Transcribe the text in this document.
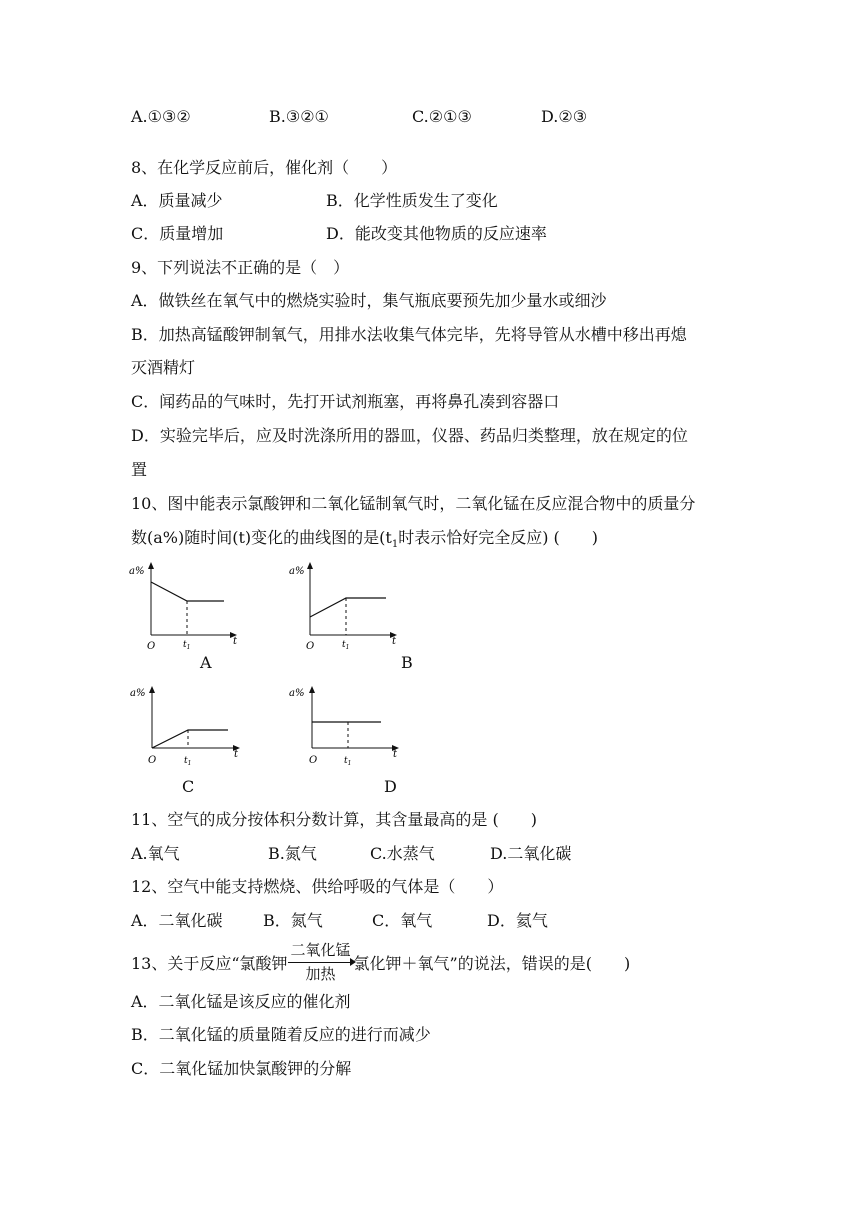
A.①③②	B.③②①	C.②①③	D.②③
8、在化学反应前后，催化剂（　　）
A．质量减少	B．化学性质发生了变化
C．质量增加	D．能改变其他物质的反应速率
9、下列说法不正确的是（　）
A．做铁丝在氧气中的燃烧实验时，集气瓶底要预先加少量水或细沙
B．加热高锰酸钾制氧气，用排水法收集气体完毕，先将导管从水槽中移出再熄
灭酒精灯
C．闻药品的气味时，先打开试剂瓶塞，再将鼻孔凑到容器口
D．实验完毕后，应及时洗涤所用的器皿，仪器、药品归类整理，放在规定的位
置
10、图中能表示氯酸钾和二氧化锰制氧气时，二氧化锰在反应混合物中的质量分
数(a%)随时间(t)变化的曲线图的是($t_1$时表示恰好完全反应) (　　)
a%
O	$t_1$
t
A
a%
O	$t_1$
t
B
a%
O	$t_1$
t
C
a%
O	$t_1$
t
D
11、空气的成分按体积分数计算，其含量最高的是 (　　)
A.氧气	B.氮气	C.水蒸气	D.二氧化碳
12、空气中能支持燃烧、供给呼吸的气体是（　　）
A．二氧化碳	B．氮气	C．氧气	D．氦气
13、关于反应“氯酸钾
二氧化锰
加热
氯化钾＋氧气”的说法，错误的是(　　)
A．二氧化锰是该反应的催化剂
B．二氧化锰的质量随着反应的进行而减少
C．二氧化锰加快氯酸钾的分解
